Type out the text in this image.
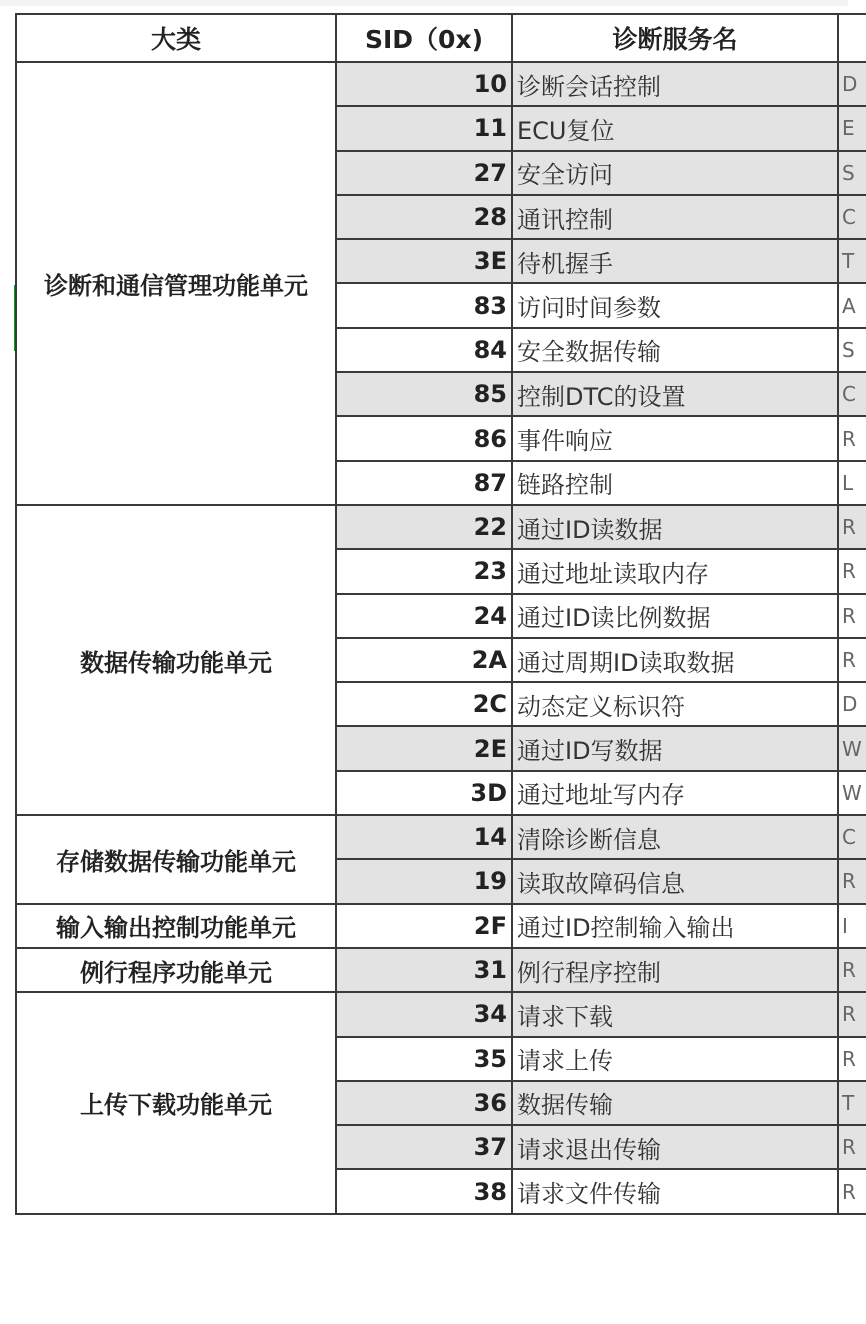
大类	SID（0x)	诊断服务名	
诊断和通信管理功能单元	10	诊断会话控制	D
	11	ECU复位	E
	27	安全访问	S
	28	通讯控制	C
	3E	待机握手	T
	83	访问时间参数	A
	84	安全数据传输	S
	85	控制DTC的设置	C
	86	事件响应	R
	87	链路控制	L
数据传输功能单元	22	通过ID读数据	R
	23	通过地址读取内存	R
	24	通过ID读比例数据	R
	2A	通过周期ID读取数据	R
	2C	动态定义标识符	D
	2E	通过ID写数据	W
	3D	通过地址写内存	W
存储数据传输功能单元	14	清除诊断信息	C
	19	读取故障码信息	R
输入输出控制功能单元	2F	通过ID控制输入输出	I
例行程序功能单元	31	例行程序控制	R
上传下载功能单元	34	请求下载	R
	35	请求上传	R
	36	数据传输	T
	37	请求退出传输	R
	38	请求文件传输	R
